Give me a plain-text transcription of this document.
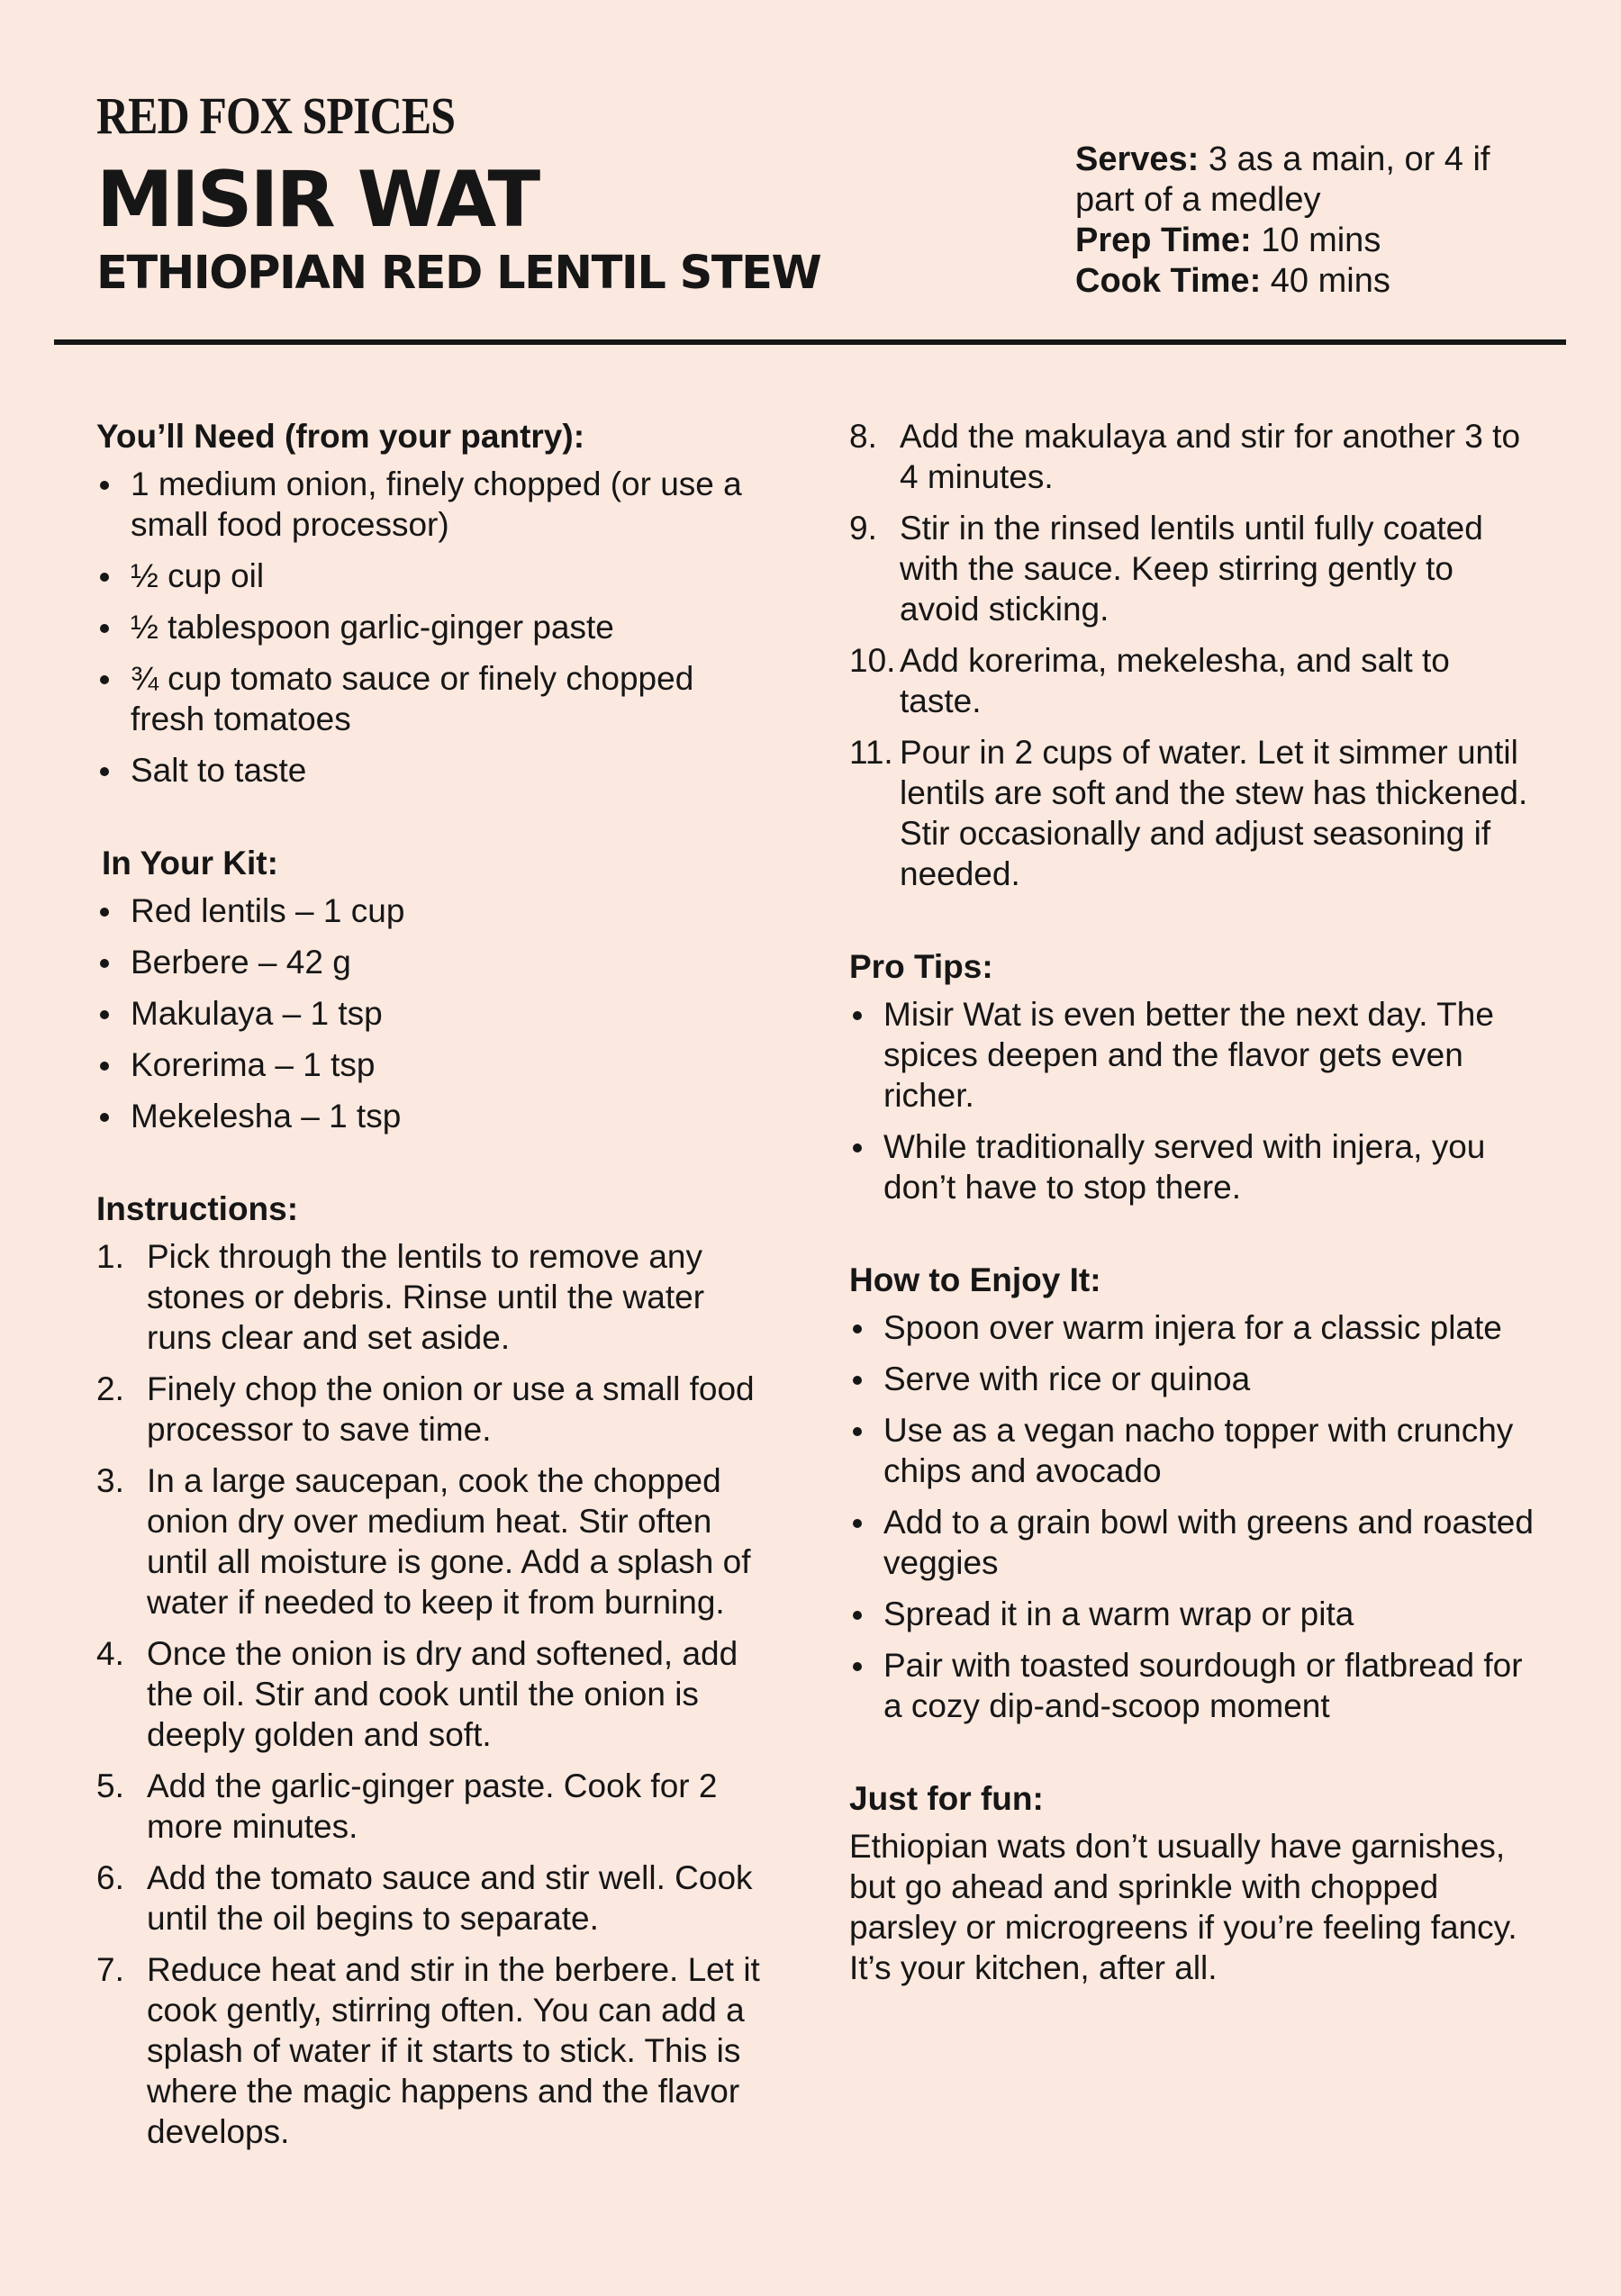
RED FOX SPICES
MISIR WAT
ETHIOPIAN RED LENTIL STEW

Serves: 3 as a main, or 4 if part of a medley

Prep Time: 10 mins

Cook Time: 40 mins

You’ll Need (from your pantry):
1 medium onion, finely chopped (or use a small food processor)
½ cup oil
½ tablespoon garlic-ginger paste
¾ cup tomato sauce or finely chopped fresh tomatoes
Salt to taste
In Your Kit:
Red lentils – 1 cup
Berbere – 42 g
Makulaya – 1 tsp
Korerima – 1 tsp
Mekelesha – 1 tsp
Instructions:
1. Pick through the lentils to remove any stones or debris. Rinse until the water runs clear and set aside.
2. Finely chop the onion or use a small food processor to save time.
3. In a large saucepan, cook the chopped onion dry over medium heat. Stir often until all moisture is gone. Add a splash of water if needed to keep it from burning.
4. Once the onion is dry and softened, add the oil. Stir and cook until the onion is deeply golden and soft.
5. Add the garlic-ginger paste. Cook for 2 more minutes.
6. Add the tomato sauce and stir well. Cook until the oil begins to separate.
7. Reduce heat and stir in the berbere. Let it cook gently, stirring often. You can add a splash of water if it starts to stick. This is where the magic happens and the flavor develops.
8. Add the makulaya and stir for another 3 to 4 minutes.
9. Stir in the rinsed lentils until fully coated with the sauce. Keep stirring gently to avoid sticking.
10. Add korerima, mekelesha, and salt to taste.
11. Pour in 2 cups of water. Let it simmer until lentils are soft and the stew has thickened. Stir occasionally and adjust seasoning if needed.
Pro Tips:
Misir Wat is even better the next day. The spices deepen and the flavor gets even richer.
While traditionally served with injera, you don’t have to stop there.
How to Enjoy It:
Spoon over warm injera for a classic plate
Serve with rice or quinoa
Use as a vegan nacho topper with crunchy chips and avocado
Add to a grain bowl with greens and roasted veggies
Spread it in a warm wrap or pita
Pair with toasted sourdough or flatbread for a cozy dip-and-scoop moment
Just for fun:

Ethiopian wats don’t usually have garnishes, but go ahead and sprinkle with chopped parsley or microgreens if you’re feeling fancy. It’s your kitchen, after all.
